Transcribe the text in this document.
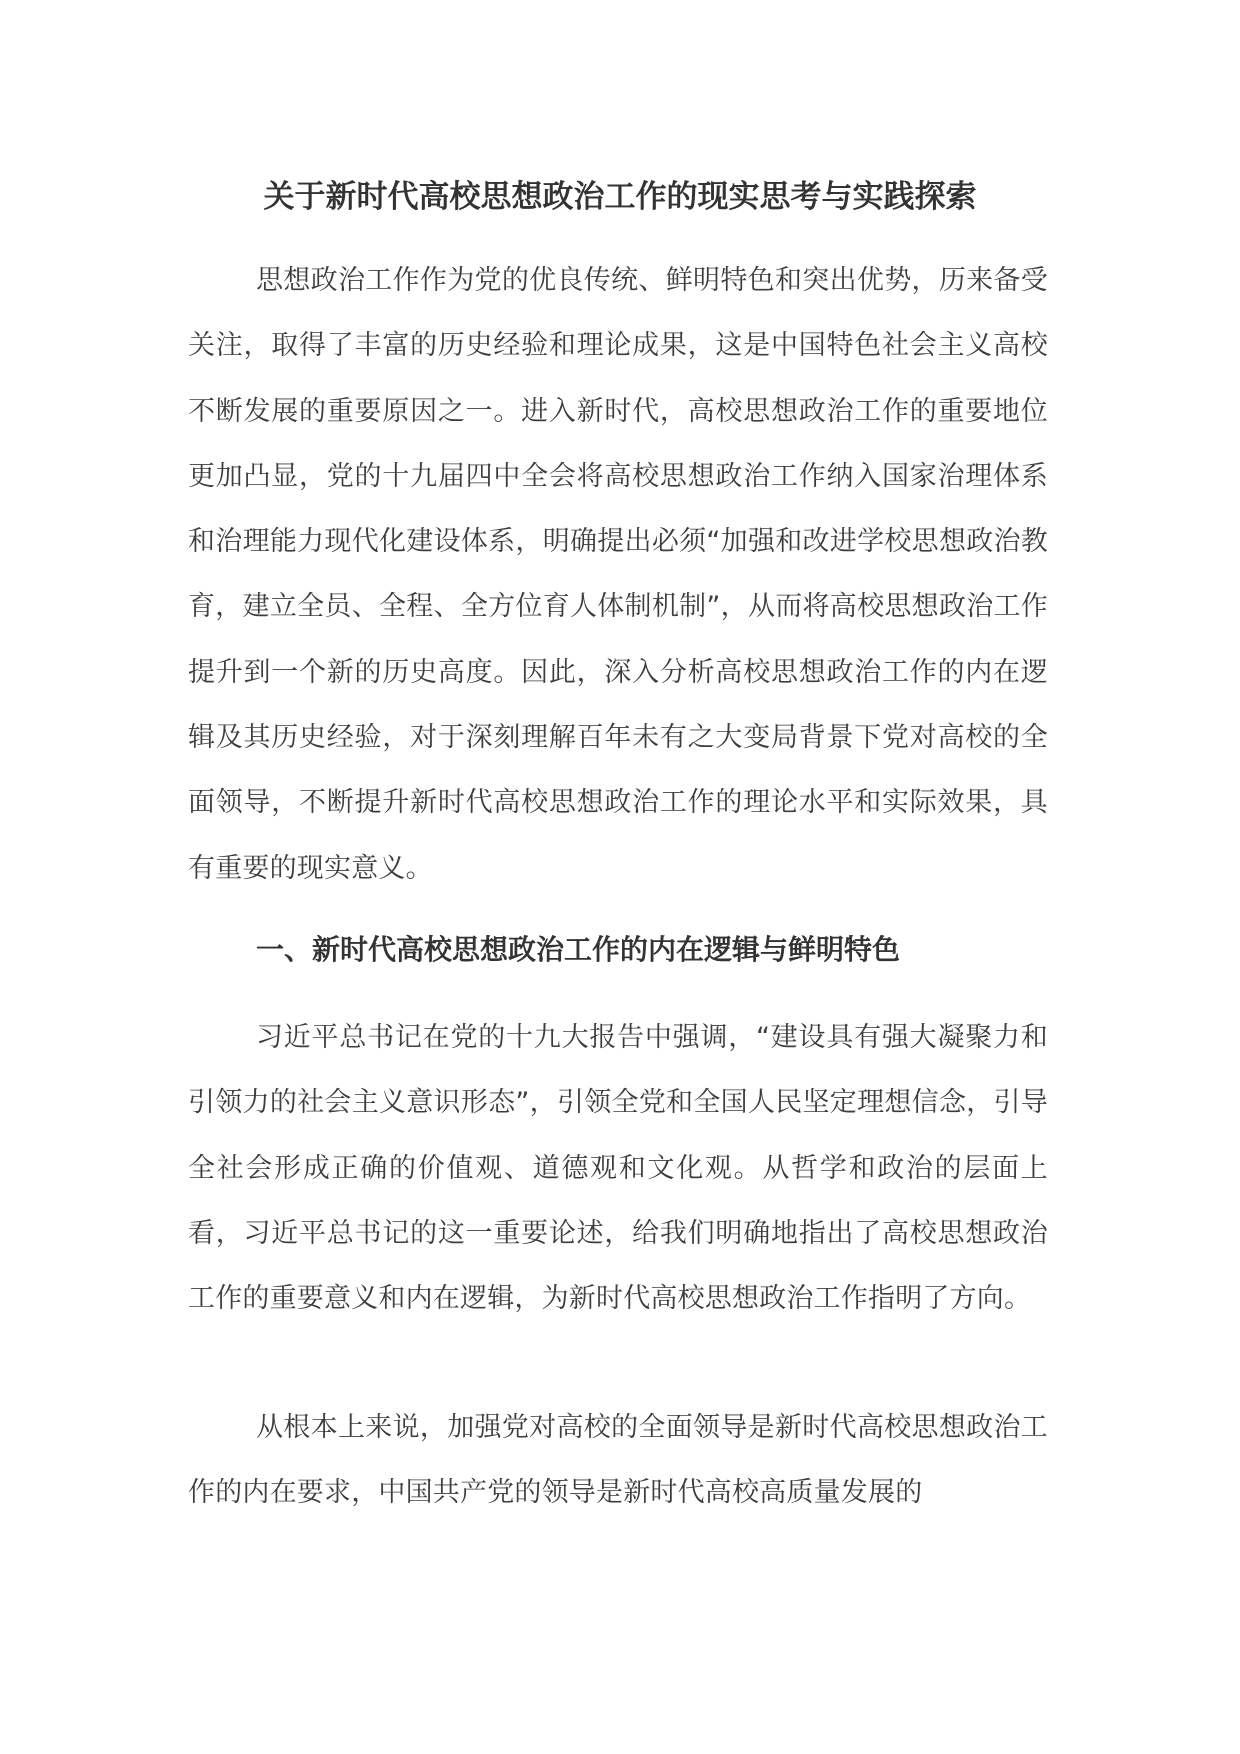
关于新时代高校思想政治工作的现实思考与实践探索

思想政治工作作为党的优良传统、鲜明特色和突出优势，历来备受关注，取得了丰富的历史经验和理论成果，这是中国特色社会主义高校不断发展的重要原因之一。进入新时代，高校思想政治工作的重要地位更加凸显，党的十九届四中全会将高校思想政治工作纳入国家治理体系和治理能力现代化建设体系，明确提出必须“加强和改进学校思想政治教育，建立全员、全程、全方位育人体制机制”，从而将高校思想政治工作提升到一个新的历史高度。因此，深入分析高校思想政治工作的内在逻辑及其历史经验，对于深刻理解百年未有之大变局背景下党对高校的全面领导，不断提升新时代高校思想政治工作的理论水平和实际效果，具有重要的现实意义。

一、新时代高校思想政治工作的内在逻辑与鲜明特色

习近平总书记在党的十九大报告中强调，“建设具有强大凝聚力和引领力的社会主义意识形态”，引领全党和全国人民坚定理想信念，引导全社会形成正确的价值观、道德观和文化观。从哲学和政治的层面上看，习近平总书记的这一重要论述，给我们明确地指出了高校思想政治工作的重要意义和内在逻辑，为新时代高校思想政治工作指明了方向。

从根本上来说，加强党对高校的全面领导是新时代高校思想政治工作的内在要求，中国共产党的领导是新时代高校高质量发展的
